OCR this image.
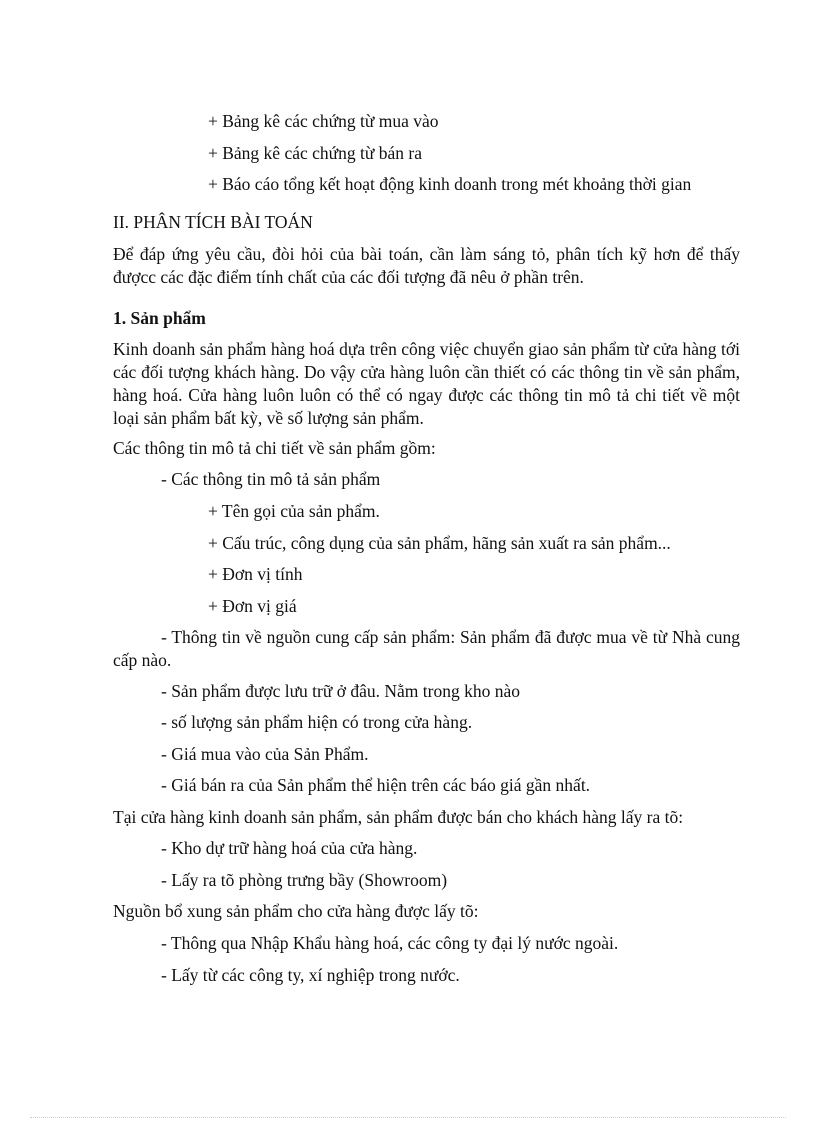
+ Bảng kê các chứng từ mua vào
+ Bảng kê các chứng từ bán ra
+ Báo cáo tổng kết hoạt động kinh doanh trong mét khoảng thời gian
II. PHÂN TÍCH BÀI TOÁN
Để đáp ứng yêu cầu, đòi hỏi của bài toán, cần làm sáng tỏ, phân tích kỹ hơn để thấy đượcc các đặc điểm tính chất của các đối tượng đã nêu ở phần trên.
1. Sản phẩm
Kinh doanh sản phẩm hàng hoá dựa trên công việc chuyển giao sản phẩm từ cửa hàng tới các đối tượng khách hàng. Do vậy cửa hàng luôn cần thiết có các thông tin về sản phẩm, hàng hoá. Cửa hàng luôn luôn có thể có ngay được các thông tin mô tả chi tiết về một loại sản phẩm bất kỳ, về số lượng sản phẩm.
Các thông tin mô tả chi tiết về sản phẩm gồm:
- Các thông tin mô tả sản phẩm
+ Tên gọi của sản phẩm.
+ Cấu trúc, công dụng của sản phẩm, hãng sản xuất ra sản phẩm...
+ Đơn vị tính
+ Đơn vị giá
- Thông tin về nguồn cung cấp sản phẩm: Sản phẩm đã được mua về từ Nhà cung cấp nào.
- Sản phẩm được lưu trữ ở đâu. Nằm trong kho nào
- số lượng sản phẩm hiện có trong cửa hàng.
- Giá mua vào của Sản Phẩm.
- Giá bán ra của Sản phẩm thể hiện trên các báo giá gần nhất.
Tại cửa hàng kinh doanh sản phẩm, sản phẩm được bán cho khách hàng lấy ra tõ:
- Kho dự trữ hàng hoá của cửa hàng.
- Lấy ra tõ phòng trưng bầy (Showroom)
Nguồn bổ xung sản phẩm cho cửa hàng được lấy tõ:
- Thông qua Nhập Khẩu hàng hoá, các công ty đại lý nước ngoài.
- Lấy từ các công ty, xí nghiệp trong nước.
